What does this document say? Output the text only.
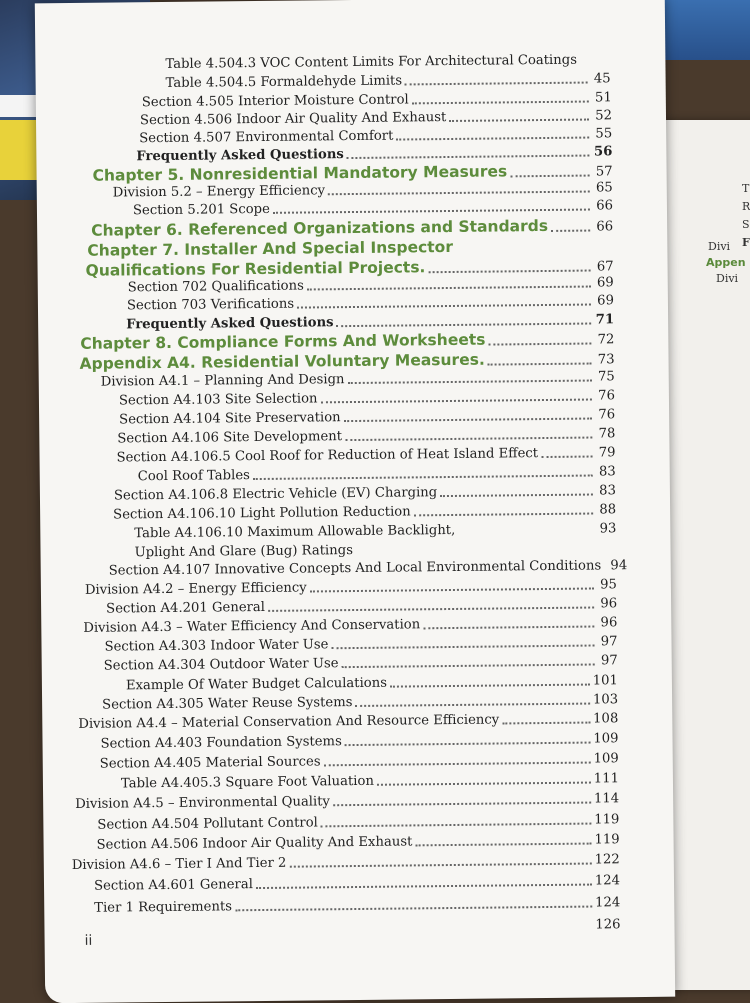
T
R
S
F
Divi
Appen
Divi
Table 4.504.3 VOC Content Limits For Architectural Coatings
Table 4.504.5 Formaldehyde Limits	45
Section 4.505 Interior Moisture Control	51
Section 4.506 Indoor Air Quality And Exhaust	52
Section 4.507 Environmental Comfort	55
Frequently Asked Questions	56
Chapter 5. Nonresidential Mandatory Measures	57
Division 5.2 – Energy Efficiency	65
Section 5.201 Scope	66
Chapter 6. Referenced Organizations and Standards	66
Chapter 7. Installer And Special Inspector
Qualifications For Residential Projects.	67
Section 702 Qualifications	69
Section 703 Verifications	69
Frequently Asked Questions	71
Chapter 8. Compliance Forms And Worksheets	72
Appendix A4. Residential Voluntary Measures.	73
Division A4.1 – Planning And Design	75
Section A4.103 Site Selection	76
Section A4.104 Site Preservation	76
Section A4.106 Site Development	78
Section A4.106.5 Cool Roof for Reduction of Heat Island Effect	79
Cool Roof Tables	83
Section A4.106.8 Electric Vehicle (EV) Charging	83
Section A4.106.10 Light Pollution Reduction	88
Table A4.106.10 Maximum Allowable Backlight,	93
Uplight And Glare (Bug) Ratings
Section A4.107 Innovative Concepts And Local Environmental Conditions 94
Division A4.2 – Energy Efficiency	95
Section A4.201 General	96
Division A4.3 – Water Efficiency And Conservation	96
Section A4.303 Indoor Water Use	97
Section A4.304 Outdoor Water Use	97
Example Of Water Budget Calculations	101
Section A4.305 Water Reuse Systems	103
Division A4.4 – Material Conservation And Resource Efficiency	108
Section A4.403 Foundation Systems	109
Section A4.405 Material Sources	109
Table A4.405.3 Square Foot Valuation	111
Division A4.5 – Environmental Quality	114
Section A4.504 Pollutant Control	119
Section A4.506 Indoor Air Quality And Exhaust	119
Division A4.6 – Tier I And Tier 2	122
Section A4.601 General	124
Tier 1 Requirements	124
126
ii
